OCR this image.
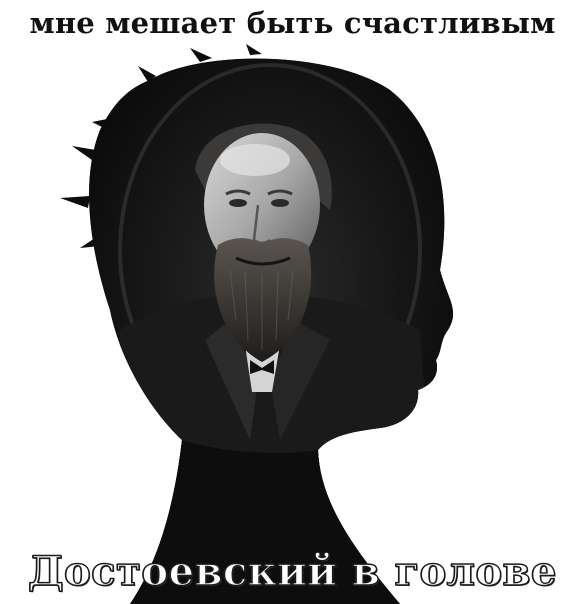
мне мешает быть счастливым
Достоевский в голове
